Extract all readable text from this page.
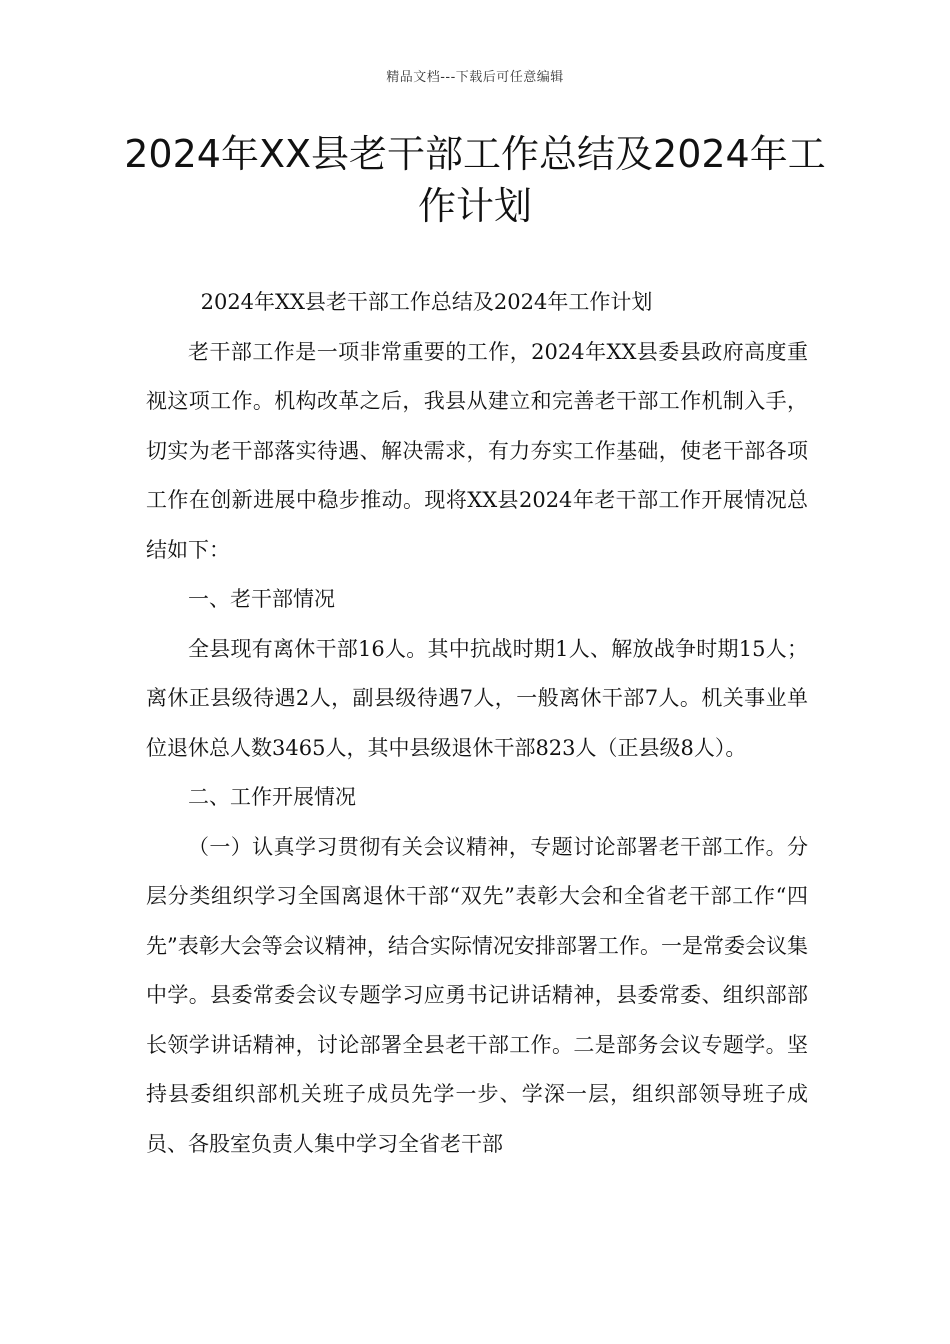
精品文档---下载后可任意编辑
2024年XX县老干部工作总结及2024年工作计划

2024年XX县老干部工作总结及2024年工作计划

老干部工作是一项非常重要的工作，2024年XX县委县政府高度重视这项工作。机构改革之后，我县从建立和完善老干部工作机制入手，切实为老干部落实待遇、解决需求，有力夯实工作基础，使老干部各项工作在创新进展中稳步推动。现将XX县2024年老干部工作开展情况总结如下：

一、老干部情况

全县现有离休干部16人。其中抗战时期1人、解放战争时期15人；离休正县级待遇2人，副县级待遇7人，一般离休干部7人。机关事业单位退休总人数3465人，其中县级退休干部823人（正县级8人）。

二、工作开展情况

（一）认真学习贯彻有关会议精神，专题讨论部署老干部工作。分层分类组织学习全国离退休干部“双先”表彰大会和全省老干部工作“四先”表彰大会等会议精神，结合实际情况安排部署工作。一是常委会议集中学。县委常委会议专题学习应勇书记讲话精神，县委常委、组织部部长领学讲话精神，讨论部署全县老干部工作。二是部务会议专题学。坚持县委组织部机关班子成员先学一步、学深一层，组织部领导班子成员、各股室负责人集中学习全省老干部
